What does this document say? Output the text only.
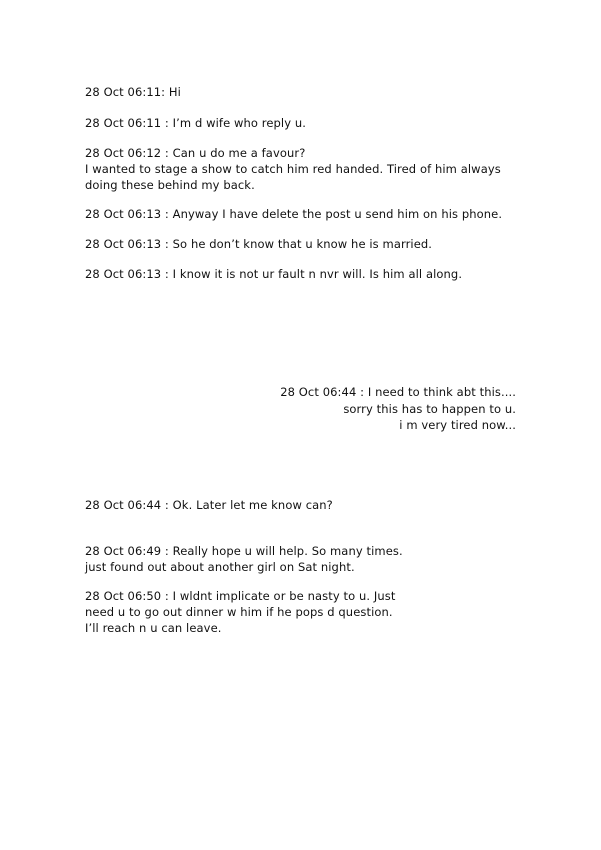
28 Oct 06:11: Hi
28 Oct 06:11 : I’m d wife who reply u.
28 Oct 06:12 : Can u do me a favour?
I wanted to stage a show to catch him red handed. Tired of him always
doing these behind my back.
28 Oct 06:13 : Anyway I have delete the post u send him on his phone.
28 Oct 06:13 : So he don’t know that u know he is married.
28 Oct 06:13 : I know it is not ur fault n nvr will. Is him all along.
28 Oct 06:44 : I need to think abt this....
sorry this has to happen to u.
i m very tired now...
28 Oct 06:44 : Ok. Later let me know can?
28 Oct 06:49 : Really hope u will help. So many times.
just found out about another girl on Sat night.
28 Oct 06:50 : I wldnt implicate or be nasty to u. Just
need u to go out dinner w him if he pops d question.
I’ll reach n u can leave.
